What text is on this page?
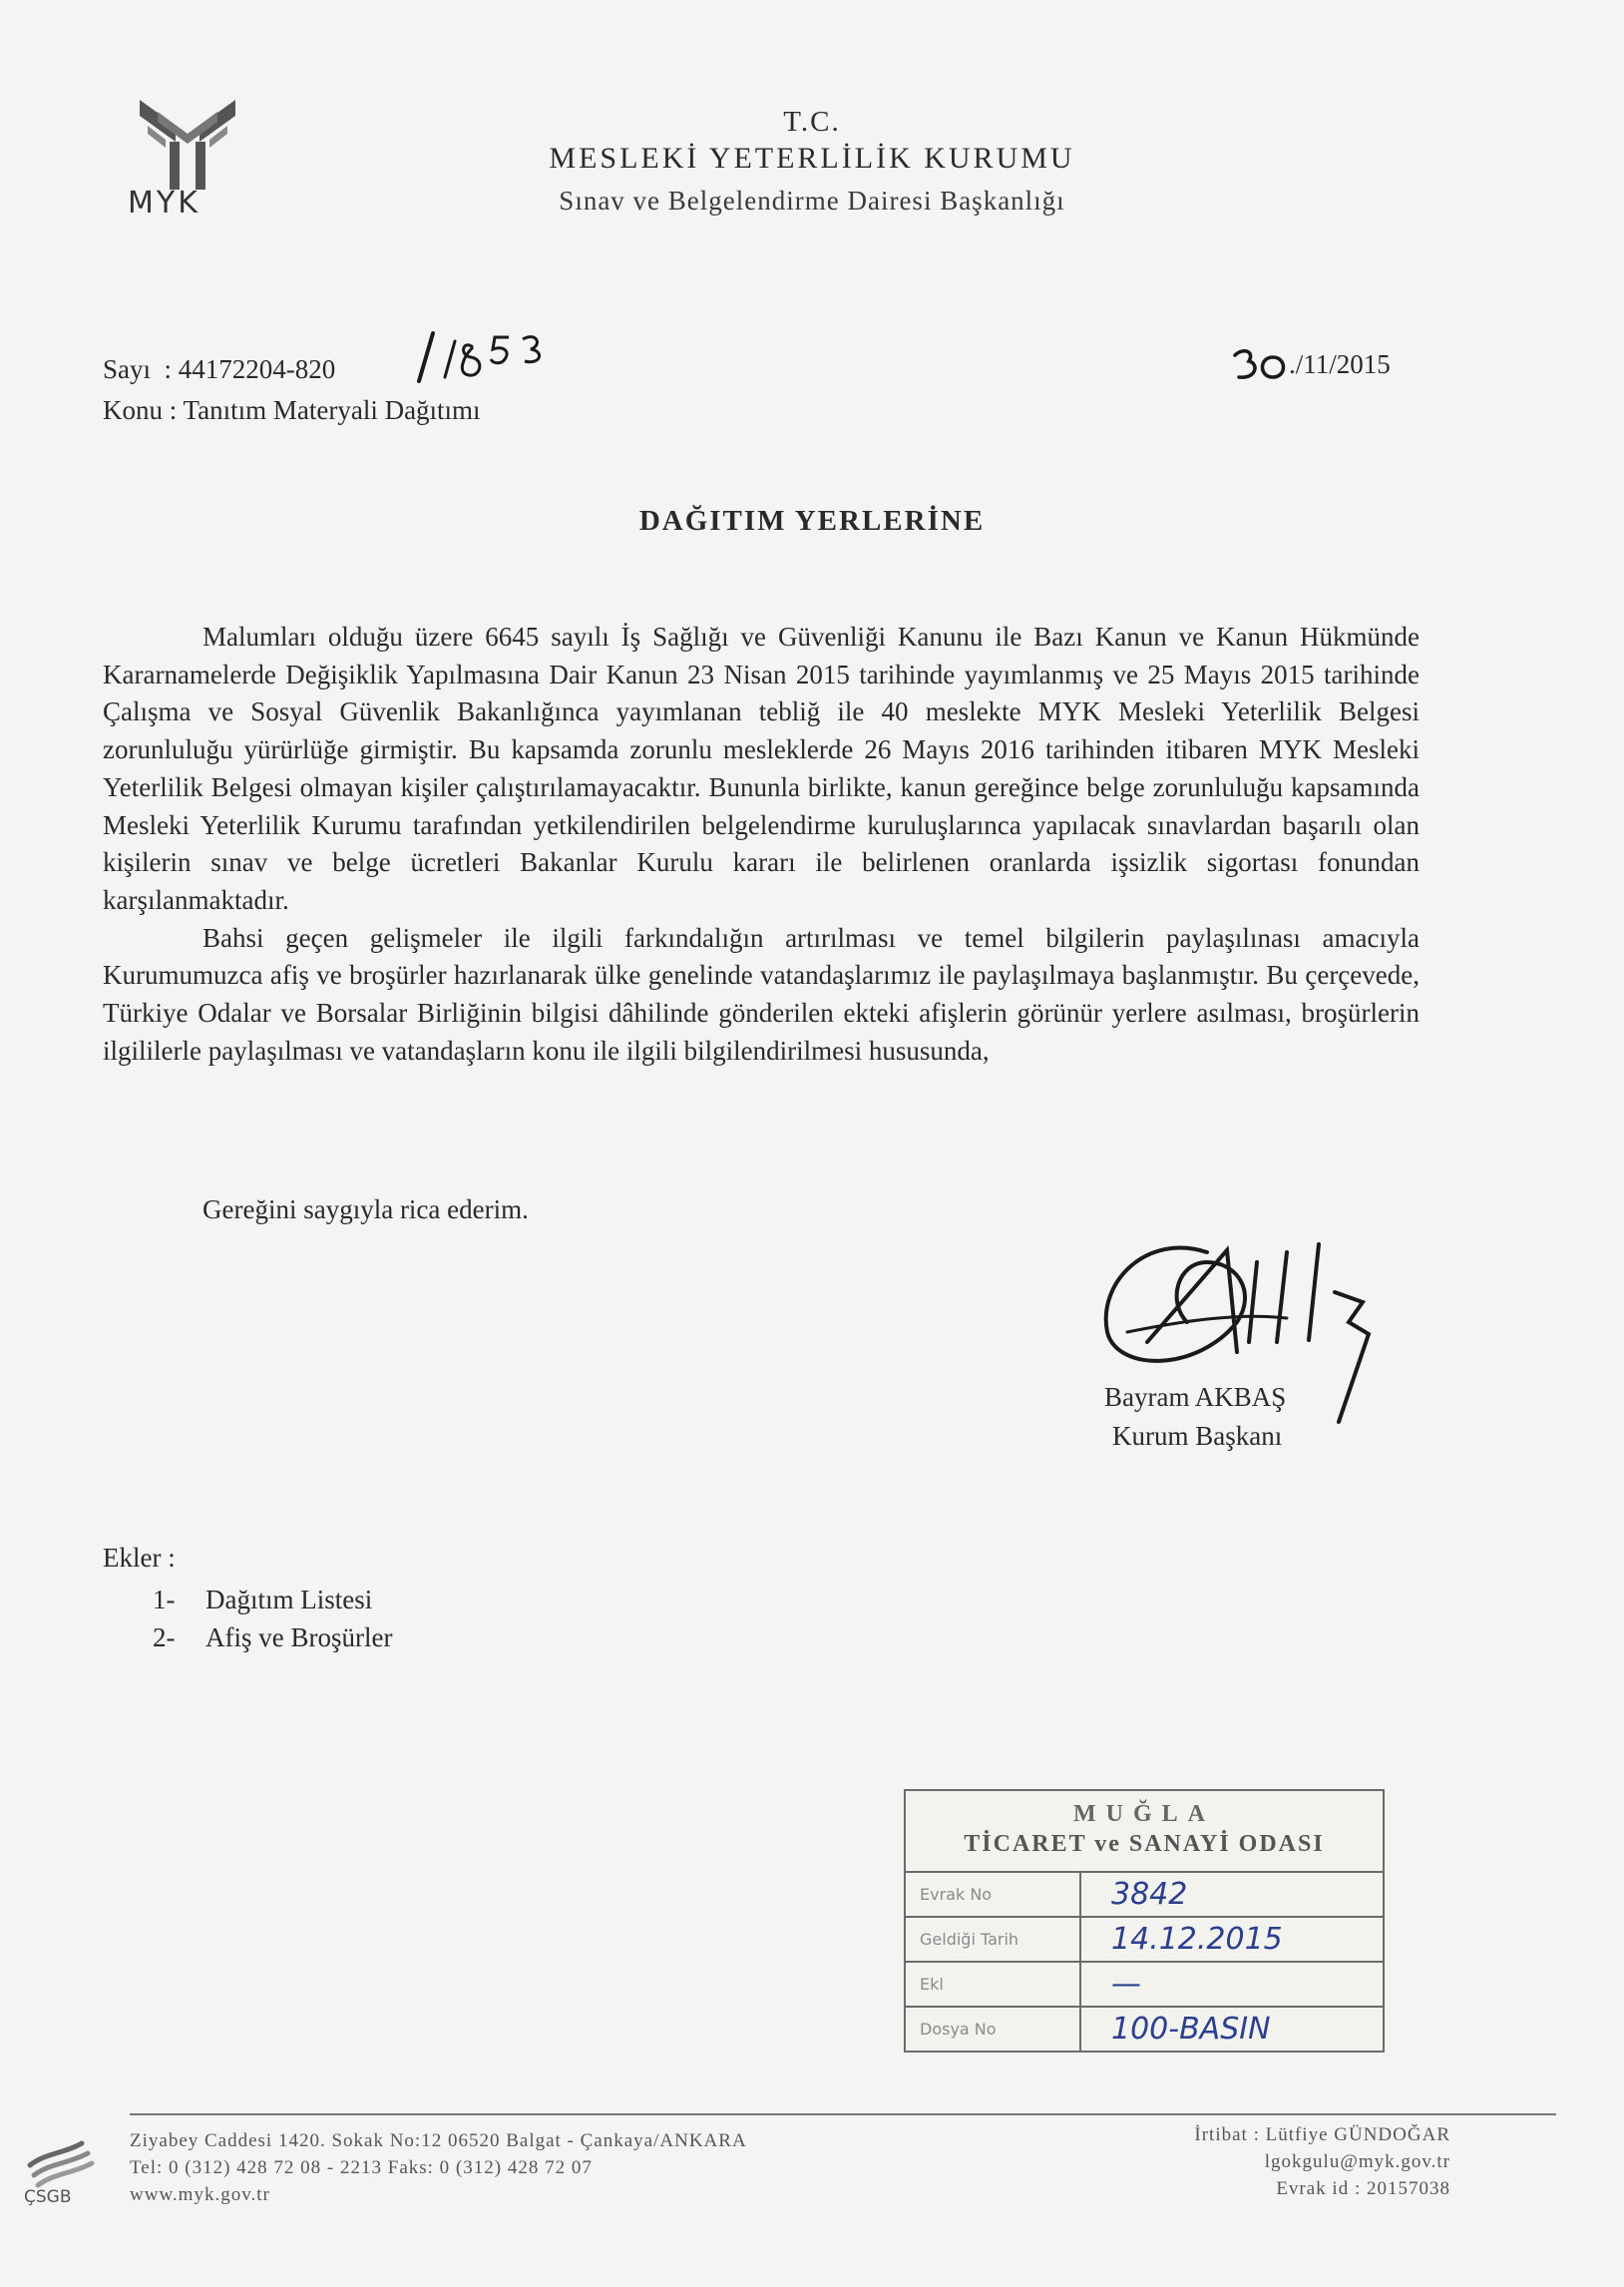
MYK
T.C.
MESLEKİ YETERLİLİK KURUMU
Sınav ve Belgelendirme Dairesi Başkanlığı
Sayı : 44172204-820
Konu : Tanıtım Materyali Dağıtımı
./11/2015
DAĞITIM YERLERİNE

Malumları olduğu üzere 6645 sayılı İş Sağlığı ve Güvenliği Kanunu ile Bazı Kanun ve Kanun Hükmünde Kararnamelerde Değişiklik Yapılmasına Dair Kanun 23 Nisan 2015 tarihinde yayımlanmış ve 25 Mayıs 2015 tarihinde Çalışma ve Sosyal Güvenlik Bakanlığınca yayımlanan tebliğ ile 40 meslekte MYK Mesleki Yeterlilik Belgesi zorunluluğu yürürlüğe girmiştir. Bu kapsamda zorunlu mesleklerde 26 Mayıs 2016 tarihinden itibaren MYK Mesleki Yeterlilik Belgesi olmayan kişiler çalıştırılamayacaktır. Bununla birlikte, kanun gereğince belge zorunluluğu kapsamında Mesleki Yeterlilik Kurumu tarafından yetkilendirilen belgelendirme kuruluşlarınca yapılacak sınavlardan başarılı olan kişilerin sınav ve belge ücretleri Bakanlar Kurulu kararı ile belirlenen oranlarda işsizlik sigortası fonundan karşılanmaktadır.

Bahsi geçen gelişmeler ile ilgili farkındalığın artırılması ve temel bilgilerin paylaşılınası amacıyla Kurumumuzca afiş ve broşürler hazırlanarak ülke genelinde vatandaşlarımız ile paylaşılmaya başlanmıştır. Bu çerçevede, Türkiye Odalar ve Borsalar Birliğinin bilgisi dâhilinde gönderilen ekteki afişlerin görünür yerlere asılması, broşürlerin ilgililerle paylaşılması ve vatandaşların konu ile ilgili bilgilendirilmesi hususunda,

Gereğini saygıyla rica ederim.
Bayram AKBAŞ
Kurum Başkanı
Ekler :
1- Dağıtım Listesi
2- Afiş ve Broşürler
MUĞLA
TİCARET ve SANAYİ ODASI
Evrak No	3842
Geldiği Tarih	14.12.2015
Ekl	—
Dosya No	100-BASIN
ÇSGB
Ziyabey Caddesi 1420. Sokak No:12 06520 Balgat - Çankaya/ANKARA
Tel: 0 (312) 428 72 08 - 2213 Faks: 0 (312) 428 72 07
www.myk.gov.tr
İrtibat : Lütfiye GÜNDOĞAR
lgokgulu@myk.gov.tr
Evrak id : 20157038
